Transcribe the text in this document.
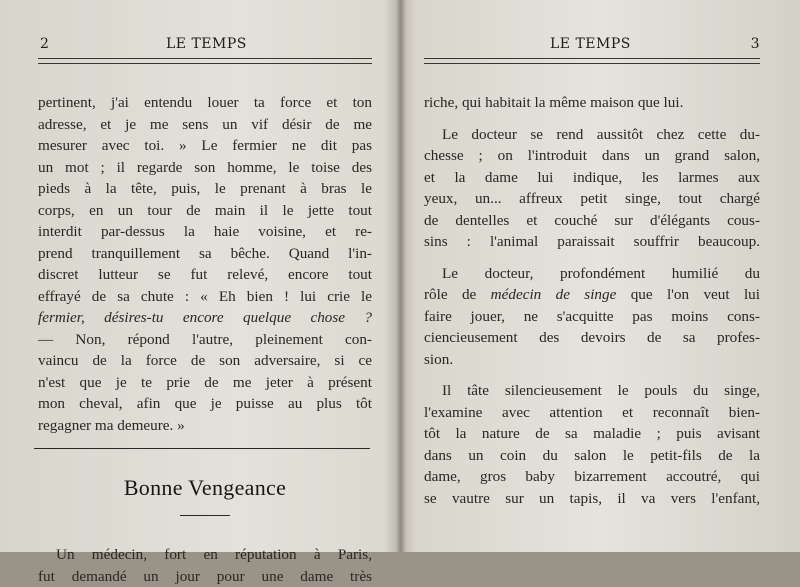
2	LE TEMPS
pertinent, j'ai entendu louer ta force et ton
adresse, et je me sens un vif désir de me
mesurer avec toi. » Le fermier ne dit pas
un mot ; il regarde son homme, le toise des
pieds à la tête, puis, le prenant à bras le
corps, en un tour de main il le jette tout
interdit par-dessus la haie voisine, et re-
prend tranquillement sa bêche. Quand l'in-
discret lutteur se fut relevé, encore tout
effrayé de sa chute : « Eh bien ! lui crie le
fermier, désires-tu encore quelque chose ?
— Non, répond l'autre, pleinement con-
vaincu de la force de son adversaire, si ce
n'est que je te prie de me jeter à présent
mon cheval, afin que je puisse au plus tôt
regagner ma demeure. »
Bonne Vengeance
Un médecin, fort en réputation à Paris,
fut demandé un jour pour une dame très
LE TEMPS	3
riche, qui habitait la même maison que lui.
Le docteur se rend aussitôt chez cette du-
chesse ; on l'introduit dans un grand salon,
et la dame lui indique, les larmes aux
yeux, un... affreux petit singe, tout chargé
de dentelles et couché sur d'élégants cous-
sins : l'animal paraissait souffrir beaucoup.
Le docteur, profondément humilié du
rôle de médecin de singe que l'on veut lui
faire jouer, ne s'acquitte pas moins cons-
ciencieusement des devoirs de sa profes-
sion.
Il tâte silencieusement le pouls du singe,
l'examine avec attention et reconnaît bien-
tôt la nature de sa maladie ; puis avisant
dans un coin du salon le petit-fils de la
dame, gros baby bizarrement accoutré, qui
se vautre sur un tapis, il va vers l'enfant,
